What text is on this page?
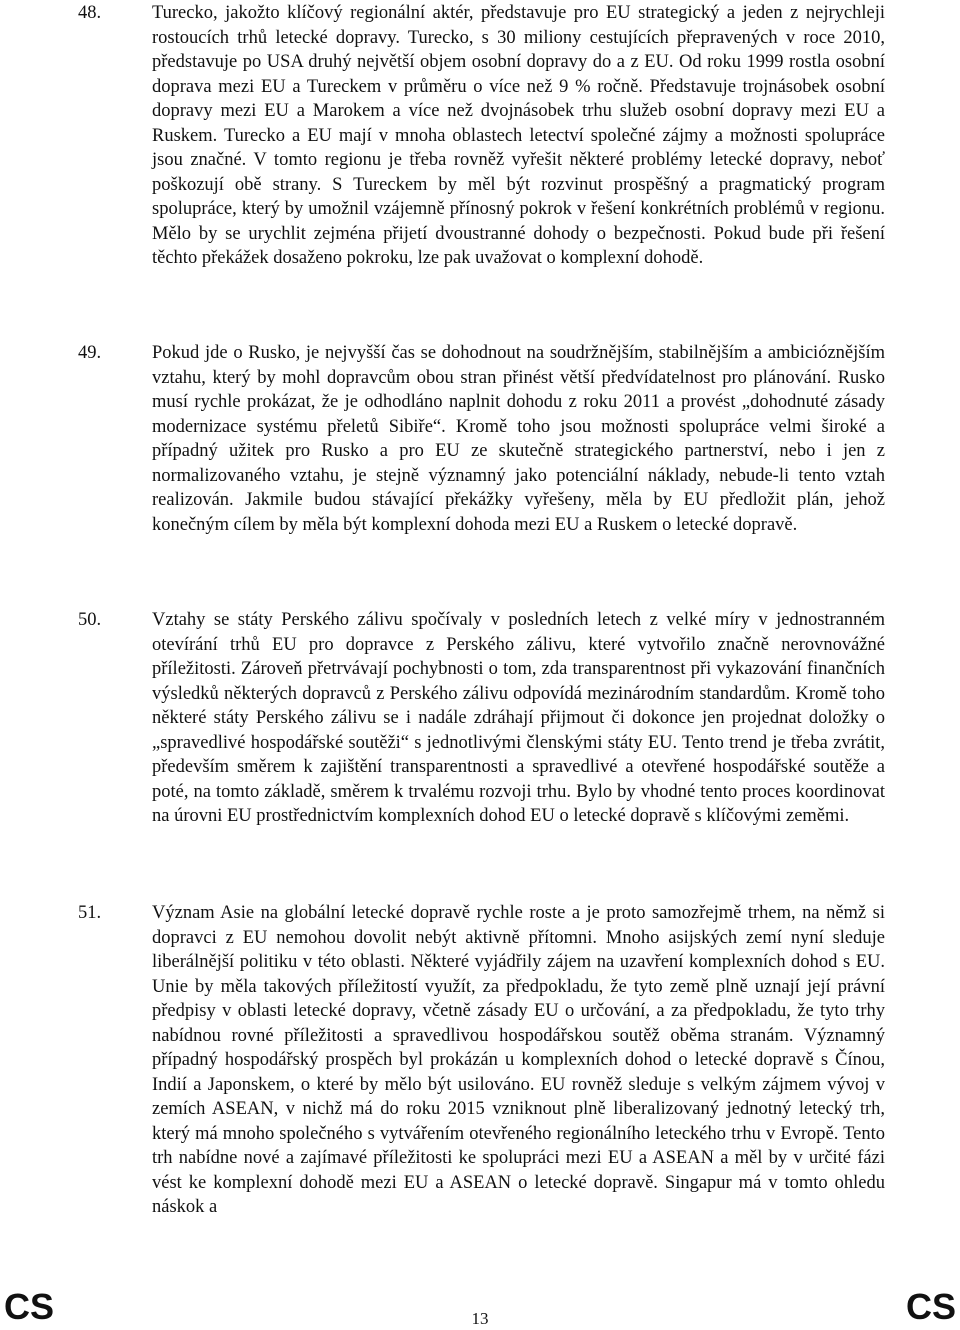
48.	Turecko, jakožto klíčový regionální aktér, představuje pro EU strategický a jeden z nejrychleji rostoucích trhů letecké dopravy. Turecko, s 30 miliony cestujících přepravených v roce 2010, představuje po USA druhý největší objem osobní dopravy do a z EU. Od roku 1999 rostla osobní doprava mezi EU a Tureckem v průměru o více než 9 % ročně. Představuje trojnásobek osobní dopravy mezi EU a Marokem a více než dvojnásobek trhu služeb osobní dopravy mezi EU a Ruskem. Turecko a EU mají v mnoha oblastech letectví společné zájmy a možnosti spolupráce jsou značné. V tomto regionu je třeba rovněž vyřešit některé problémy letecké dopravy, neboť poškozují obě strany. S Tureckem by měl být rozvinut prospěšný a pragmatický program spolupráce, který by umožnil vzájemně přínosný pokrok v řešení konkrétních problémů v regionu. Mělo by se urychlit zejména přijetí dvoustranné dohody o bezpečnosti. Pokud bude při řešení těchto překážek dosaženo pokroku, lze pak uvažovat o komplexní dohodě.

49.	Pokud jde o Rusko, je nejvyšší čas se dohodnout na soudržnějším, stabilnějším a ambicióznějším vztahu, který by mohl dopravcům obou stran přinést větší předvídatelnost pro plánování. Rusko musí rychle prokázat, že je odhodláno naplnit dohodu z roku 2011 a provést „dohodnuté zásady modernizace systému přeletů Sibiře“. Kromě toho jsou možnosti spolupráce velmi široké a případný užitek pro Rusko a pro EU ze skutečně strategického partnerství, nebo i jen z normalizovaného vztahu, je stejně významný jako potenciální náklady, nebude-li tento vztah realizován. Jakmile budou stávající překážky vyřešeny, měla by EU předložit plán, jehož konečným cílem by měla být komplexní dohoda mezi EU a Ruskem o letecké dopravě.

50.	Vztahy se státy Perského zálivu spočívaly v posledních letech z velké míry v jednostranném otevírání trhů EU pro dopravce z Perského zálivu, které vytvořilo značně nerovnovážné příležitosti. Zároveň přetrvávají pochybnosti o tom, zda transparentnost při vykazování finančních výsledků některých dopravců z Perského zálivu odpovídá mezinárodním standardům. Kromě toho některé státy Perského zálivu se i nadále zdráhají přijmout či dokonce jen projednat doložky o „spravedlivé hospodářské soutěži“ s jednotlivými členskými státy EU. Tento trend je třeba zvrátit, především směrem k zajištění transparentnosti a spravedlivé a otevřené hospodářské soutěže a poté, na tomto základě, směrem k trvalému rozvoji trhu. Bylo by vhodné tento proces koordinovat na úrovni EU prostřednictvím komplexních dohod EU o letecké dopravě s klíčovými zeměmi.

51.	Význam Asie na globální letecké dopravě rychle roste a je proto samozřejmě trhem, na němž si dopravci z EU nemohou dovolit nebýt aktivně přítomni. Mnoho asijských zemí nyní sleduje liberálnější politiku v této oblasti. Některé vyjádřily zájem na uzavření komplexních dohod s EU. Unie by měla takových příležitostí využít, za předpokladu, že tyto země plně uznají její právní předpisy v oblasti letecké dopravy, včetně zásady EU o určování, a za předpokladu, že tyto trhy nabídnou rovné příležitosti a spravedlivou hospodářskou soutěž oběma stranám. Významný případný hospodářský prospěch byl prokázán u komplexních dohod o letecké dopravě s Čínou, Indií a Japonskem, o které by mělo být usilováno. EU rovněž sleduje s velkým zájmem vývoj v zemích ASEAN, v nichž má do roku 2015 vzniknout plně liberalizovaný jednotný letecký trh, který má mnoho společného s vytvářením otevřeného regionálního leteckého trhu v Evropě. Tento trh nabídne nové a zajímavé příležitosti ke spolupráci mezi EU a ASEAN a měl by v určité fázi vést ke komplexní dohodě mezi EU a ASEAN o letecké dopravě. Singapur má v tomto ohledu náskok a

CS	13	CS
